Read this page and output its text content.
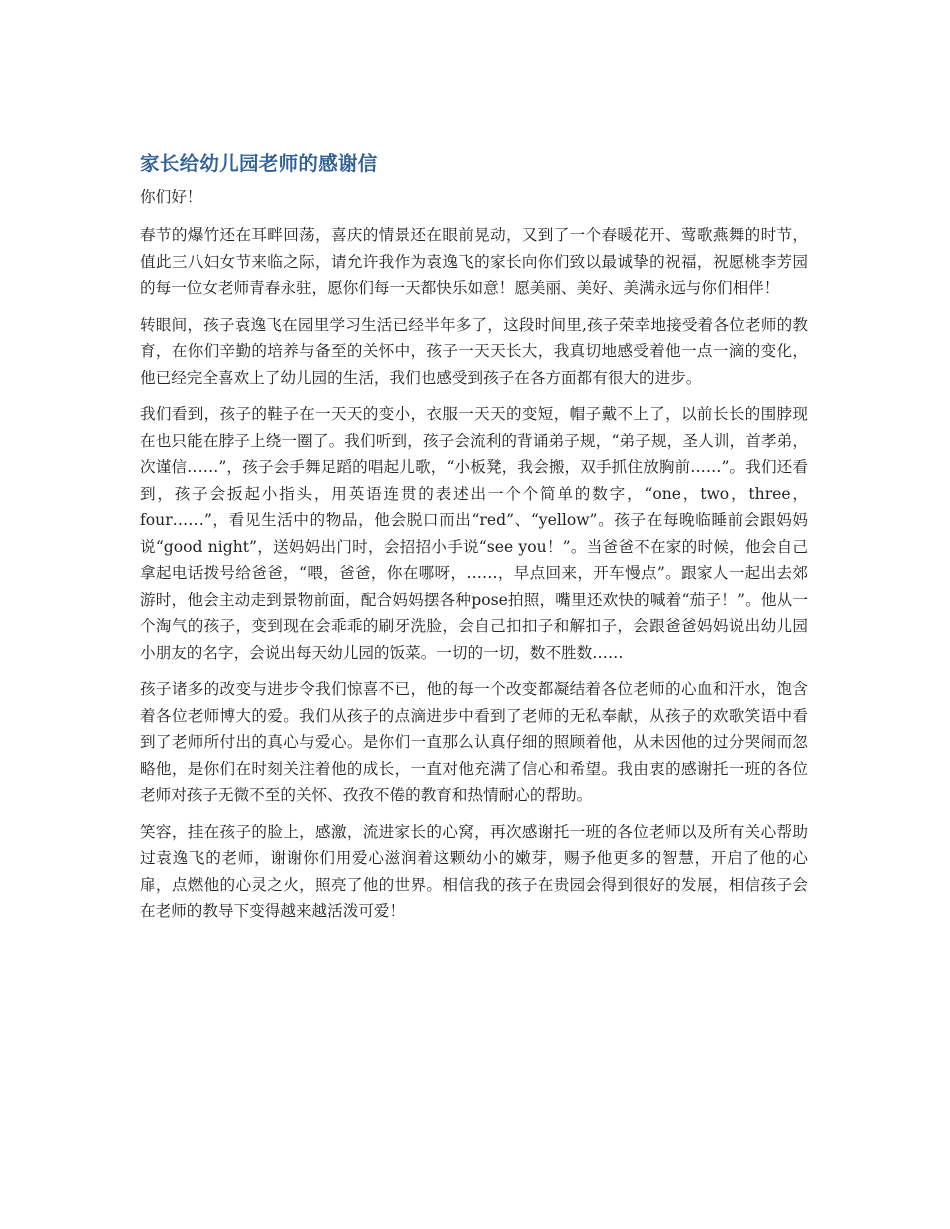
家长给幼儿园老师的感谢信

你们好！

春节的爆竹还在耳畔回荡，喜庆的情景还在眼前晃动，又到了一个春暖花开、莺歌燕舞的时节，值此三八妇女节来临之际，请允许我作为袁逸飞的家长向你们致以最诚挚的祝福，祝愿桃李芳园的每一位女老师青春永驻，愿你们每一天都快乐如意！愿美丽、美好、美满永远与你们相伴！

转眼间，孩子袁逸飞在园里学习生活已经半年多了，这段时间里,孩子荣幸地接受着各位老师的教育，在你们辛勤的培养与备至的关怀中，孩子一天天长大，我真切地感受着他一点一滴的变化，他已经完全喜欢上了幼儿园的生活，我们也感受到孩子在各方面都有很大的进步。

我们看到，孩子的鞋子在一天天的变小，衣服一天天的变短，帽子戴不上了，以前长长的围脖现在也只能在脖子上绕一圈了。我们听到，孩子会流利的背诵弟子规，“弟子规，圣人训，首孝弟，次谨信……”，孩子会手舞足蹈的唱起儿歌，“小板凳，我会搬，双手抓住放胸前……”。我们还看到，孩子会扳起小指头，用英语连贯的表述出一个个简单的数字，“one，two，three，four……”，看见生活中的物品，他会脱口而出“red”、“yellow”。孩子在每晚临睡前会跟妈妈说“good night”，送妈妈出门时，会招招小手说“see you！”。当爸爸不在家的时候，他会自己拿起电话拨号给爸爸，“喂，爸爸，你在哪呀，……，早点回来，开车慢点”。跟家人一起出去郊游时，他会主动走到景物前面，配合妈妈摆各种pose拍照，嘴里还欢快的喊着“茄子！”。他从一个淘气的孩子，变到现在会乖乖的刷牙洗脸，会自己扣扣子和解扣子，会跟爸爸妈妈说出幼儿园小朋友的名字，会说出每天幼儿园的饭菜。一切的一切，数不胜数……

孩子诸多的改变与进步令我们惊喜不已，他的每一个改变都凝结着各位老师的心血和汗水，饱含着各位老师博大的爱。我们从孩子的点滴进步中看到了老师的无私奉献，从孩子的欢歌笑语中看到了老师所付出的真心与爱心。是你们一直那么认真仔细的照顾着他，从未因他的过分哭闹而忽略他，是你们在时刻关注着他的成长，一直对他充满了信心和希望。我由衷的感谢托一班的各位老师对孩子无微不至的关怀、孜孜不倦的教育和热情耐心的帮助。

笑容，挂在孩子的脸上，感激，流进家长的心窝，再次感谢托一班的各位老师以及所有关心帮助过袁逸飞的老师，谢谢你们用爱心滋润着这颗幼小的嫩芽，赐予他更多的智慧，开启了他的心扉，点燃他的心灵之火，照亮了他的世界。相信我的孩子在贵园会得到很好的发展，相信孩子会在老师的教导下变得越来越活泼可爱！
